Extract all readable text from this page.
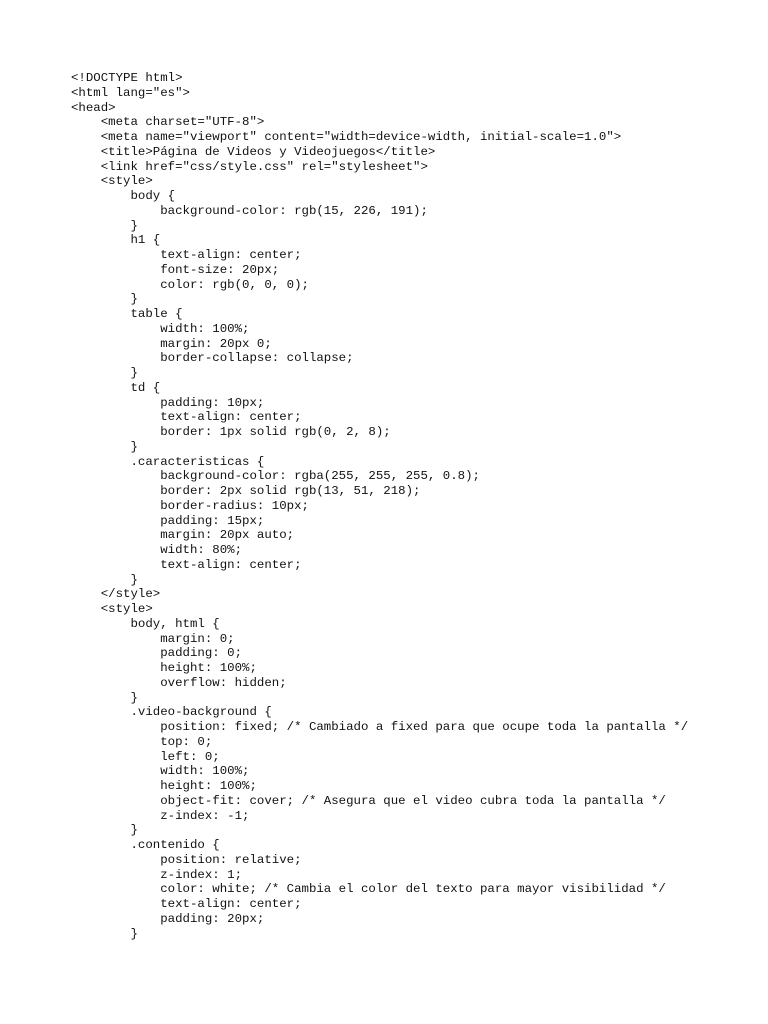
<!DOCTYPE html>
<html lang="es">
<head>
<meta charset="UTF-8">
<meta name="viewport" content="width=device-width, initial-scale=1.0">
<title>Página de Videos y Videojuegos</title>
<link href="css/style.css" rel="stylesheet">
<style>
body {
background-color: rgb(15, 226, 191);
}
h1 {
text-align: center;
font-size: 20px;
color: rgb(0, 0, 0);
}
table {
width: 100%;
margin: 20px 0;
border-collapse: collapse;
}
td {
padding: 10px;
text-align: center;
border: 1px solid rgb(0, 2, 8);
}
.caracteristicas {
background-color: rgba(255, 255, 255, 0.8);
border: 2px solid rgb(13, 51, 218);
border-radius: 10px;
padding: 15px;
margin: 20px auto;
width: 80%;
text-align: center;
}
</style>
<style>
body, html {
margin: 0;
padding: 0;
height: 100%;
overflow: hidden;
}
.video-background {
position: fixed; /* Cambiado a fixed para que ocupe toda la pantalla */
top: 0;
left: 0;
width: 100%;
height: 100%;
object-fit: cover; /* Asegura que el video cubra toda la pantalla */
z-index: -1;
}
.contenido {
position: relative;
z-index: 1;
color: white; /* Cambia el color del texto para mayor visibilidad */
text-align: center;
padding: 20px;
}
